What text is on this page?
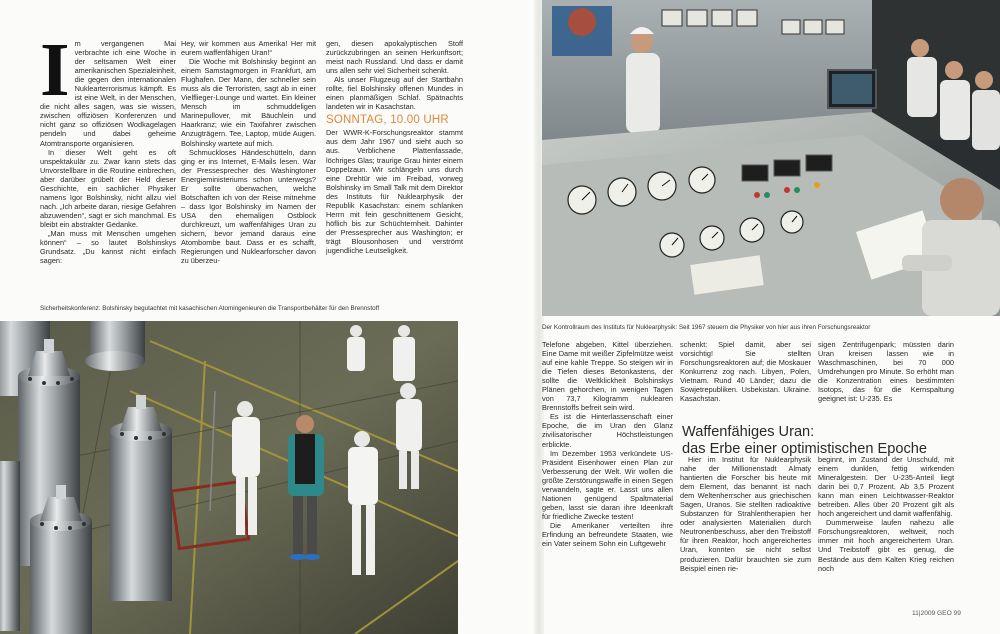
I m vergangenen Mai verbrachte ich eine Woche in der seltsamen Welt einer amerikanischen Spezialeinheit, die gegen den internationalen Nuklearterrorismus kämpft. Es ist eine Welt, in der Menschen, die nicht alles sagen, was sie wissen, zwischen offiziösen Konferenzen und nicht ganz so offiziösen Wodkagelagen pendeln und dabei geheime Atomtransporte organisieren.

In dieser Welt geht es oft unspektakulär zu. Zwar kann stets das Unvorstellbare in die Routine einbrechen, aber darüber grübelt der Held dieser Geschichte, ein sachlicher Physiker namens Igor Bolshinsky, nicht allzu viel nach. „Ich arbeite daran, riesige Gefahren abzuwenden“, sagt er sich manchmal. Es bleibt ein abstrakter Gedanke.

„Man muss mit Menschen umgehen können“ – so lautet Bolshinskys Grundsatz. „Du kannst nicht einfach sagen:

Hey, wir kommen aus Amerika! Her mit eurem waffenfähigen Uran!“

Die Woche mit Bolshinsky beginnt an einem Samstagmorgen in Frankfurt, am Flughafen. Der Mann, der schneller sein muss als die Terroristen, sagt ab in einer Vielflieger-Lounge und wartet. Ein kleiner Mensch im schmuddeligen Marinepullover, mit Bäuchlein und Haarkranz; wie ein Taxifahrer zwischen Anzugträgern. Tee, Laptop, müde Augen. Bolshinsky wartete auf mich.

Schmuckloses Händeschütteln, dann ging er ins Internet, E-Mails lesen. War der Pressesprecher des Washingtoner Energieministeriums schon unterwegs? Er sollte überwachen, welche Botschaften ich von der Reise mitnehme – dass Igor Bolshinsky im Namen der USA den ehemaligen Ostblock durchkreuzt, um waffenfähiges Uran zu sichern, bevor jemand daraus eine Atombombe baut. Dass er es schafft, Regierungen und Nuklearforscher davon zu überzeu-

gen, diesen apokalyptischen Stoff zurückzubringen an seinen Herkunftsort; meist nach Russland. Und dass er damit uns allen sehr viel Sicherheit schenkt.

Als unser Flugzeug auf der Startbahn rollte, fiel Bolshinsky offenen Mundes in einen planmäßigen Schlaf. Spätnachts landeten wir in Kasachstan.

SONNTAG, 10.00 UHR

Der WWR-K-Forschungsreaktor stammt aus dem Jahr 1967 und sieht auch so aus. Verblichene Plattenfassade, löchriges Glas; traurige Grau hinter einem Doppelzaun. Wir schlängeln uns durch eine Drehtür wie im Freibad, vorweg Bolshinsky im Small Talk mit dem Direktor des Instituts für Nuklearphysik der Republik Kasachstan: einem schlanken Herrn mit fein geschnittenem Gesicht, höflich bis zur Schüchternheit. Dahinter der Pressesprecher aus Washington; er trägt Blousonhosen und verströmt jugendliche Leutseligkeit.

Sicherheitskonferenz: Bolshinsky begutachtet mit kasachischen Atomingenieuren die Transportbehälter für den Brennstoff
Der Kontrollraum des Instituts für Nuklearphysik: Seit 1967 steuern die Physiker von hier aus ihren Forschungsreaktor

Telefone abgeben, Kittel überziehen. Eine Dame mit weißer Zipfelmütze weist auf eine kahle Treppe. So steigen wir in die Tiefen dieses Betonkastens, der sollte die Weltklickheit Bolshinskys Plänen gehorchen, in wenigen Tagen von 73,7 Kilogramm nuklearen Brennstoffs befreit sein wird.

Es ist die Hinterlassenschaft einer Epoche, die im Uran den Glanz zivilisatorischer Höchstleistungen erblickte.

Im Dezember 1953 verkündete US-Präsident Eisenhower einen Plan zur Verbesserung der Welt. Wir wollen die größte Zerstörungswaffe in einen Segen verwandeln, sagte er. Lasst uns allen Nationen genügend Spaltmaterial geben, lasst sie daran ihre Ideenkraft für friedliche Zwecke testen!

Die Amerikaner verteilten ihre Erfindung an befreundete Staaten, wie ein Vater seinem Sohn ein Luftgewehr

schenkt: Spiel damit, aber sei vorsichtig! Sie stellten Forschungsreaktoren auf; die Moskauer Konkurrenz zog nach. Libyen, Polen, Vietnam. Rund 40 Länder; dazu die Sowjetrepubliken. Usbekistan. Ukraine. Kasachstan.

sigen Zentrifugenpark; müssten darin Uran kreisen lassen wie in Waschmaschinen, bei 70 000 Umdrehungen pro Minute. So erhöht man die Konzentration eines bestimmten Isotops, das für die Kernspaltung geeignet ist: U-235. Es

Waffenfähiges Uran:
das Erbe einer optimistischen Epoche

Hier im Institut für Nuklearphysik nahe der Millionenstadt Almaty hantierten die Forscher bis heute mit dem Element, das benannt ist nach dem Weltenherrscher aus griechischen Sagen, Uranos. Sie stellten radioaktive Substanzen für Strahlentherapien her oder analysierten Materialien durch Neutronenbeschuss, aber den Treibstoff für ihren Reaktor, hoch angereichertes Uran, konnten sie nicht selbst produzieren. Dafür brauchten sie zum Beispiel einen rie-

beginnt, im Zustand der Unschuld, mit einem dunklen, fettig wirkenden Mineralgestein. Der U-235-Anteil liegt darin bei 0,7 Prozent. Ab 3,5 Prozent kann man einen Leichtwasser-Reaktor betreiben. Alles über 20 Prozent gilt als hoch angereichert und damit waffenfähig.

Dummerweise laufen nahezu alle Forschungsreaktoren, weltweit, noch immer mit hoch angereichertem Uran. Und Treibstoff gibt es genug, die Bestände aus dem Kalten Krieg reichen noch

11|2009 GEO 99
